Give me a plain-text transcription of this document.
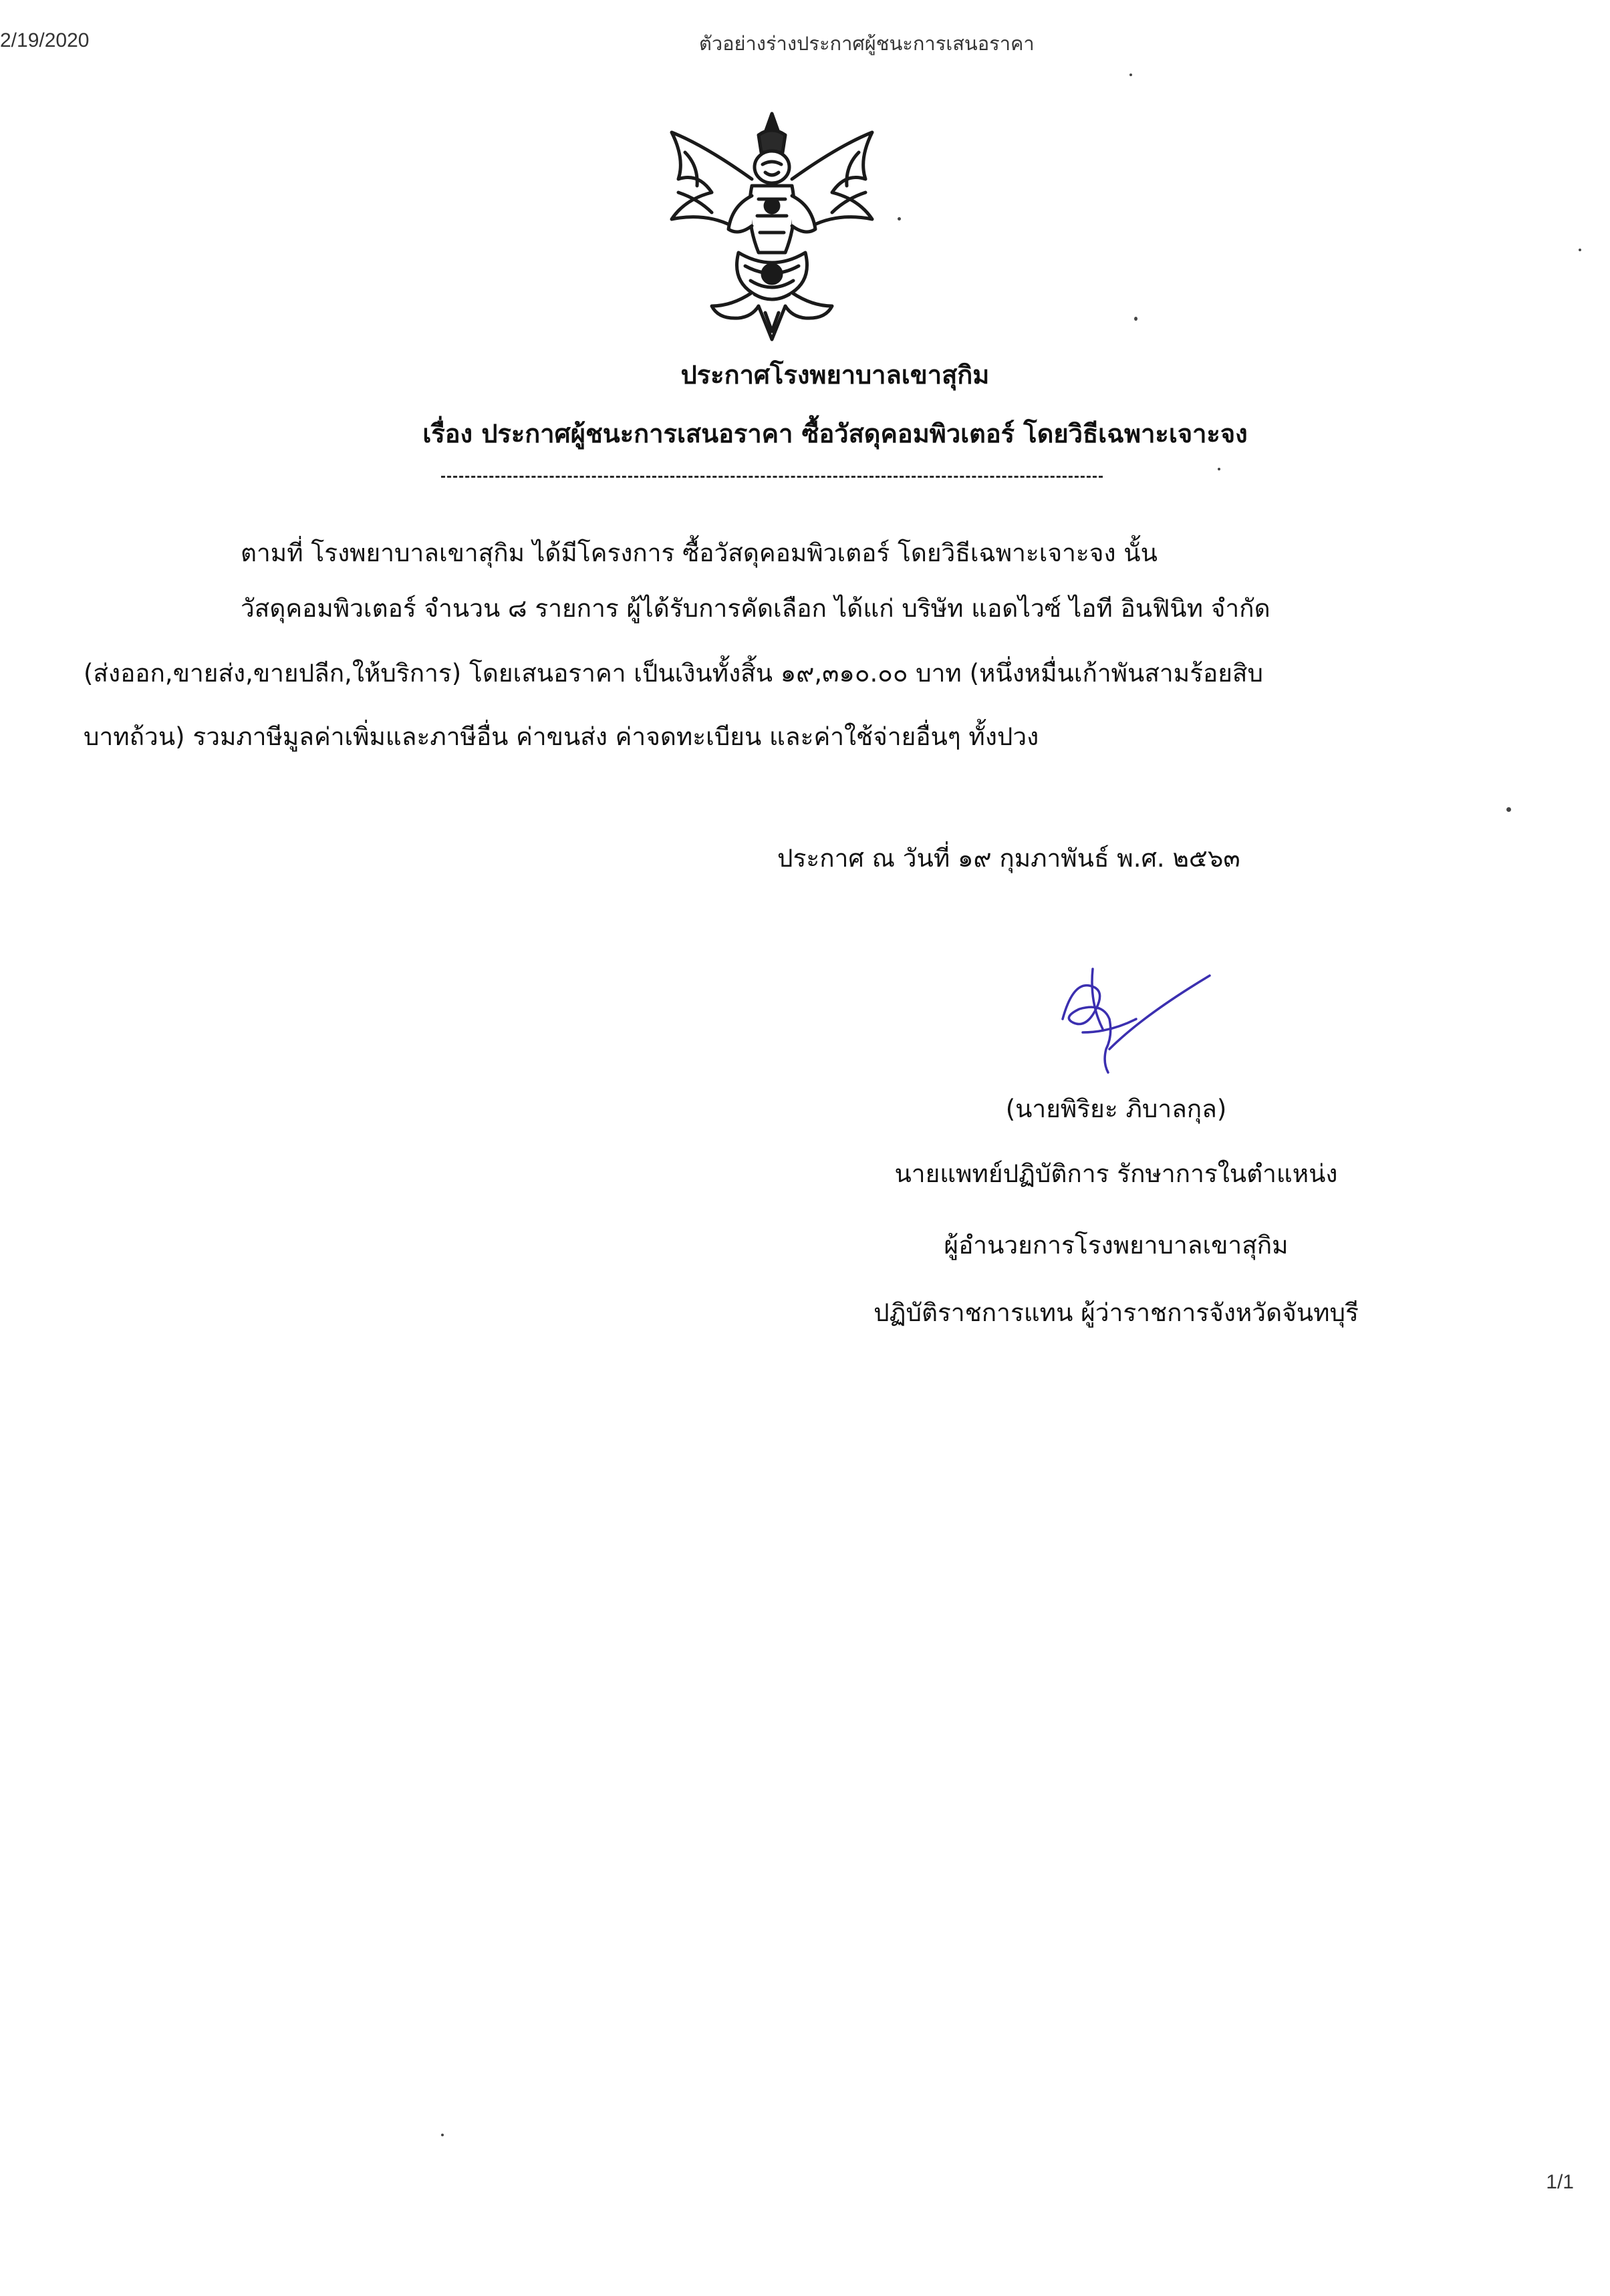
2/19/2020	ตัวอย่างร่างประกาศผู้ชนะการเสนอราคา
ประกาศโรงพยาบาลเขาสุกิม
เรื่อง ประกาศผู้ชนะการเสนอราคา ซื้อวัสดุคอมพิวเตอร์ โดยวิธีเฉพาะเจาะจง
ตามที่ โรงพยาบาลเขาสุกิม ได้มีโครงการ ซื้อวัสดุคอมพิวเตอร์ โดยวิธีเฉพาะเจาะจง นั้น
วัสดุคอมพิวเตอร์ จำนวน ๘ รายการ ผู้ได้รับการคัดเลือก ได้แก่ บริษัท แอดไวซ์ ไอที อินฟินิท จำกัด
(ส่งออก,ขายส่ง,ขายปลีก,ให้บริการ) โดยเสนอราคา เป็นเงินทั้งสิ้น ๑๙,๓๑๐.๐๐ บาท (หนึ่งหมื่นเก้าพันสามร้อยสิบ
บาทถ้วน) รวมภาษีมูลค่าเพิ่มและภาษีอื่น ค่าขนส่ง ค่าจดทะเบียน และค่าใช้จ่ายอื่นๆ ทั้งปวง
ประกาศ ณ วันที่ ๑๙ กุมภาพันธ์ พ.ศ. ๒๕๖๓
(นายพิริยะ ภิบาลกุล)
นายแพทย์ปฏิบัติการ รักษาการในตำแหน่ง
ผู้อำนวยการโรงพยาบาลเขาสุกิม
ปฏิบัติราชการแทน ผู้ว่าราชการจังหวัดจันทบุรี
1/1
